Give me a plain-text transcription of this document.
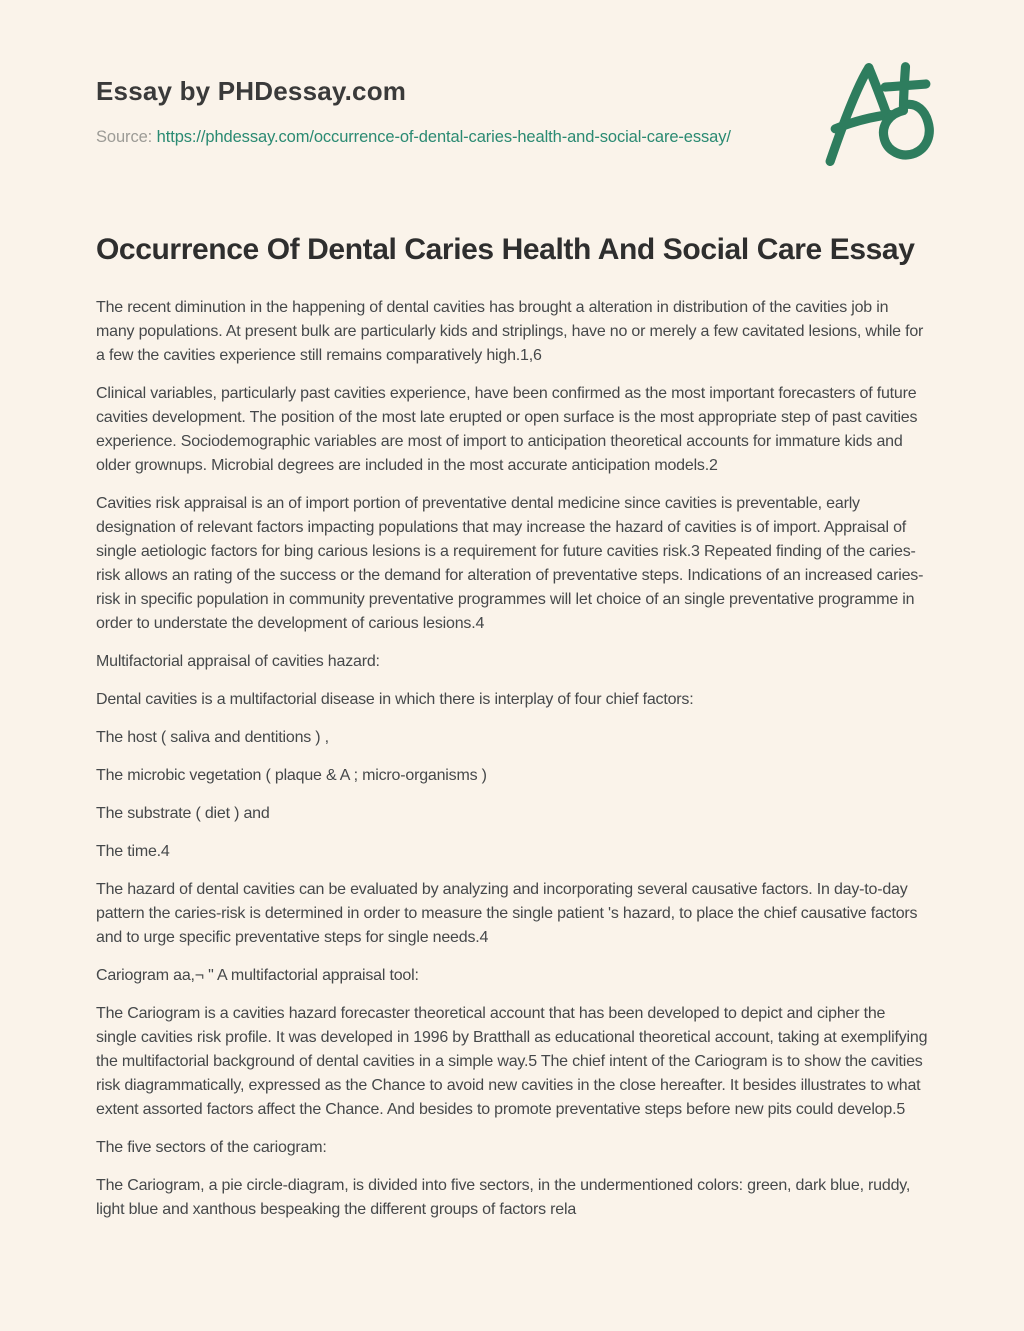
Essay by PHDessay.com

Source: https://phdessay.com/occurrence-of-dental-caries-health-and-social-care-essay/

Occurrence Of Dental Caries Health And Social Care Essay

The recent diminution in the happening of dental cavities has brought a alteration in distribution of the cavities job in many populations. At present bulk are particularly kids and striplings, have no or merely a few cavitated lesions, while for a few the cavities experience still remains comparatively high.1,6

Clinical variables, particularly past cavities experience, have been confirmed as the most important forecasters of future cavities development. The position of the most late erupted or open surface is the most appropriate step of past cavities experience. Sociodemographic variables are most of import to anticipation theoretical accounts for immature kids and older grownups. Microbial degrees are included in the most accurate anticipation models.2

Cavities risk appraisal is an of import portion of preventative dental medicine since cavities is preventable, early designation of relevant factors impacting populations that may increase the hazard of cavities is of import. Appraisal of single aetiologic factors for bing carious lesions is a requirement for future cavities risk.3 Repeated finding of the caries-risk allows an rating of the success or the demand for alteration of preventative steps. Indications of an increased caries-risk in specific population in community preventative programmes will let choice of an single preventative programme in order to understate the development of carious lesions.4

Multifactorial appraisal of cavities hazard:

Dental cavities is a multifactorial disease in which there is interplay of four chief factors:

The host ( saliva and dentitions ) ,

The microbic vegetation ( plaque & A ; micro-organisms )

The substrate ( diet ) and

The time.4

The hazard of dental cavities can be evaluated by analyzing and incorporating several causative factors. In day-to-day pattern the caries-risk is determined in order to measure the single patient 's hazard, to place the chief causative factors and to urge specific preventative steps for single needs.4

Cariogram aa,¬ " A multifactorial appraisal tool:

The Cariogram is a cavities hazard forecaster theoretical account that has been developed to depict and cipher the single cavities risk profile. It was developed in 1996 by Bratthall as educational theoretical account, taking at exemplifying the multifactorial background of dental cavities in a simple way.5 The chief intent of the Cariogram is to show the cavities risk diagrammatically, expressed as the Chance to avoid new cavities in the close hereafter. It besides illustrates to what extent assorted factors affect the Chance. And besides to promote preventative steps before new pits could develop.5

The five sectors of the cariogram:

The Cariogram, a pie circle-diagram, is divided into five sectors, in the undermentioned colors: green, dark blue, ruddy, light blue and xanthous bespeaking the different groups of factors rela
